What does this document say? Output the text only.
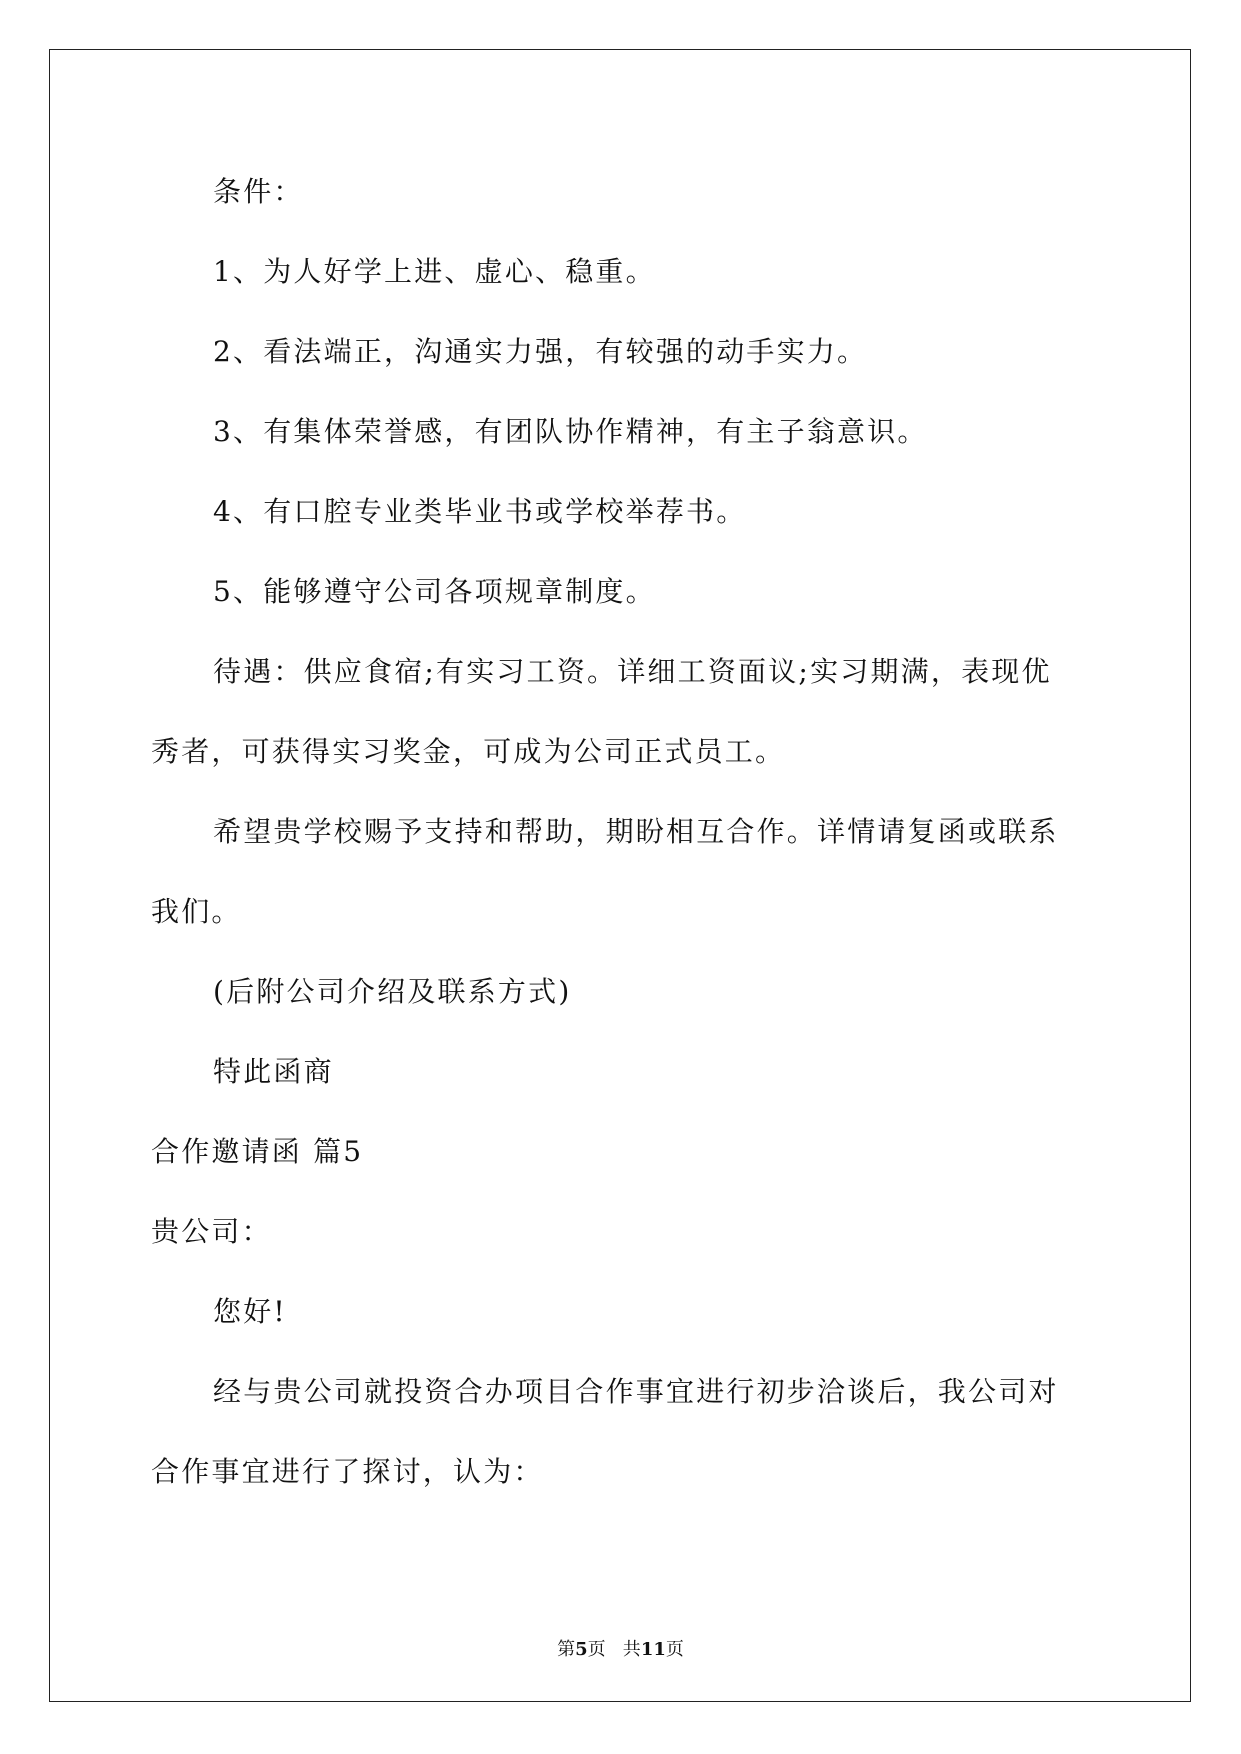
条件：
1、为人好学上进、虚心、稳重。
2、看法端正，沟通实力强，有较强的动手实力。
3、有集体荣誉感，有团队协作精神，有主子翁意识。
4、有口腔专业类毕业书或学校举荐书。
5、能够遵守公司各项规章制度。
待遇：供应食宿;有实习工资。详细工资面议;实习期满，表现优
秀者，可获得实习奖金，可成为公司正式员工。
希望贵学校赐予支持和帮助，期盼相互合作。详情请复函或联系
我们。
(后附公司介绍及联系方式)
特此函商
合作邀请函 篇5
贵公司：
您好!
经与贵公司就投资合办项目合作事宜进行初步洽谈后，我公司对
合作事宜进行了探讨，认为：
第5页   共11页
